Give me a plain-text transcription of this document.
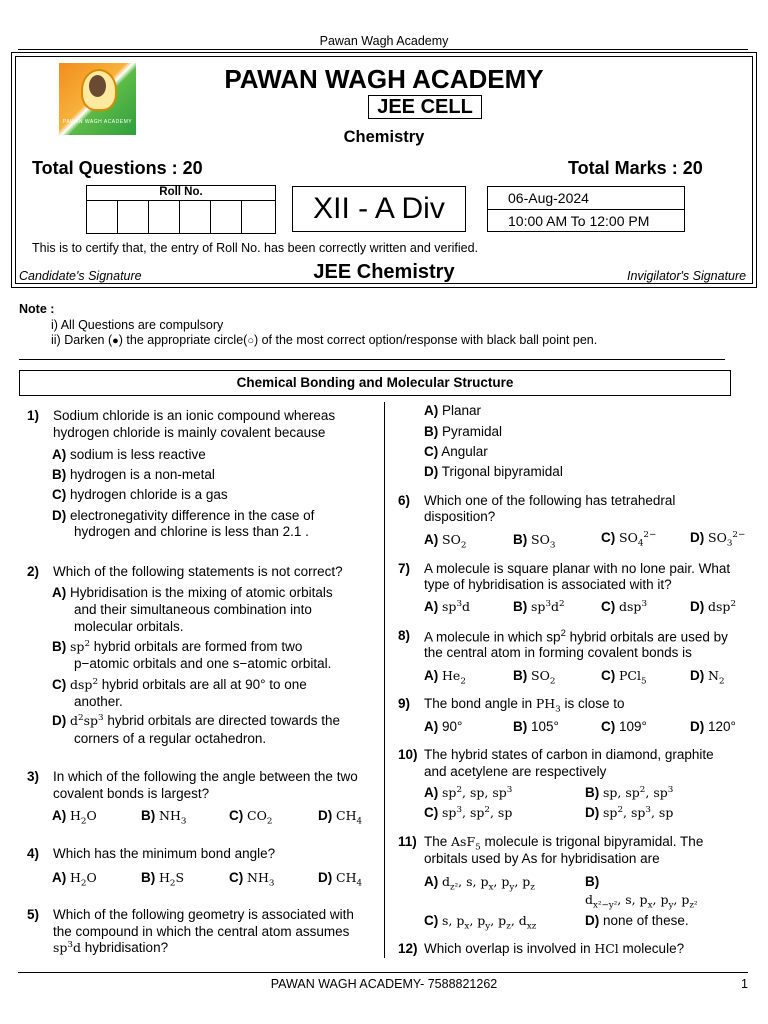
Pawan Wagh Academy
PAWAN WAGH ACADEMY
PAWAN WAGH ACADEMY
JEE CELL
Chemistry
Total Questions : 20	Total Marks : 20
Roll No.	XII - A Div	06-Aug-2024
10:00 AM To 12:00 PM
This is to certify that, the entry of Roll No. has been correctly written and verified.
Candidate's Signature	JEE Chemistry	Invigilator's Signature
Note :
i) All Questions are compulsory
ii) Darken (●) the appropriate circle(○) of the most correct option/response with black ball point pen.
Chemical Bonding and Molecular Structure
1) Sodium chloride is an ionic compound whereas
hydrogen chloride is mainly covalent because
A) sodium is less reactive
B) hydrogen is a non-metal
C) hydrogen chloride is a gas
D) electronegativity difference in the case of
hydrogen and chlorine is less than 2.1 .
2) Which of the following statements is not correct?
A) Hybridisation is the mixing of atomic orbitals
and their simultaneous combination into
molecular orbitals.
B) $sp^2$ hybrid orbitals are formed from two
p−atomic orbitals and one s−atomic orbital.
C) dsp$^2$ hybrid orbitals are all at 90° to one
another.
D) $d^2sp^3$ hybrid orbitals are directed towards the
corners of a regular octahedron.
3) In which of the following the angle between the two
covalent bonds is largest?
A) $H_2O$	B) $NH_3$	C) $CO_2$	D) $CH_4$
4) Which has the minimum bond angle?
A) $H_2O$	B) $H_2S$	C) $NH_3$	D) $CH_4$
5) Which of the following geometry is associated with
the compound in which the central atom assumes
$sp^3d$ hybridisation?
A) Planar
B) Pyramidal
C) Angular
D) Trigonal bipyramidal
6) Which one of the following has tetrahedral
disposition?
A) $SO_2$	B) $SO_3$
C) $SO_4^{2-}$ D) $SO_3^{2-}$
7) A molecule is square planar with no lone pair. What
type of hybridisation is associated with it?
A) $sp^3d$	B) $sp^3d^2$	C) dsp$^3$	D) dsp$^2$
8) A molecule in which $sp^2$ hybrid orbitals are used by
the central atom in forming covalent bonds is
A) $He_2$	B) $SO_2$	C) PCl$_5$	D) $N_2$
9) The bond angle in $PH_3$ is close to
A) 90°	B) 105°	C) 109°	D) 120°
10) The hybrid states of carbon in diamond, graphite
and acetylene are respectively
A) $sp^2$, sp, $sp^3$	B) sp, $sp^2$, $sp^3$
C) $sp^3$, $sp^2$, sp	D) $sp^2$, $sp^3$, sp
11) The AsF$_5$ molecule is trigonal bipyramidal. The
orbitals used by As for hybridisation are
A) $d_{z^2}$, s, $p_x$, $p_y$, $p_z$	B)
$d_{x^2-y^2}$, s, $p_x$, $p_y$, $p_{z^2}$
C) s, $p_x$, $p_y$, $p_z$, $d_{xz}$	D) none of these.
12) Which overlap is involved in HCl molecule?
PAWAN WAGH ACADEMY- 7588821262	1
